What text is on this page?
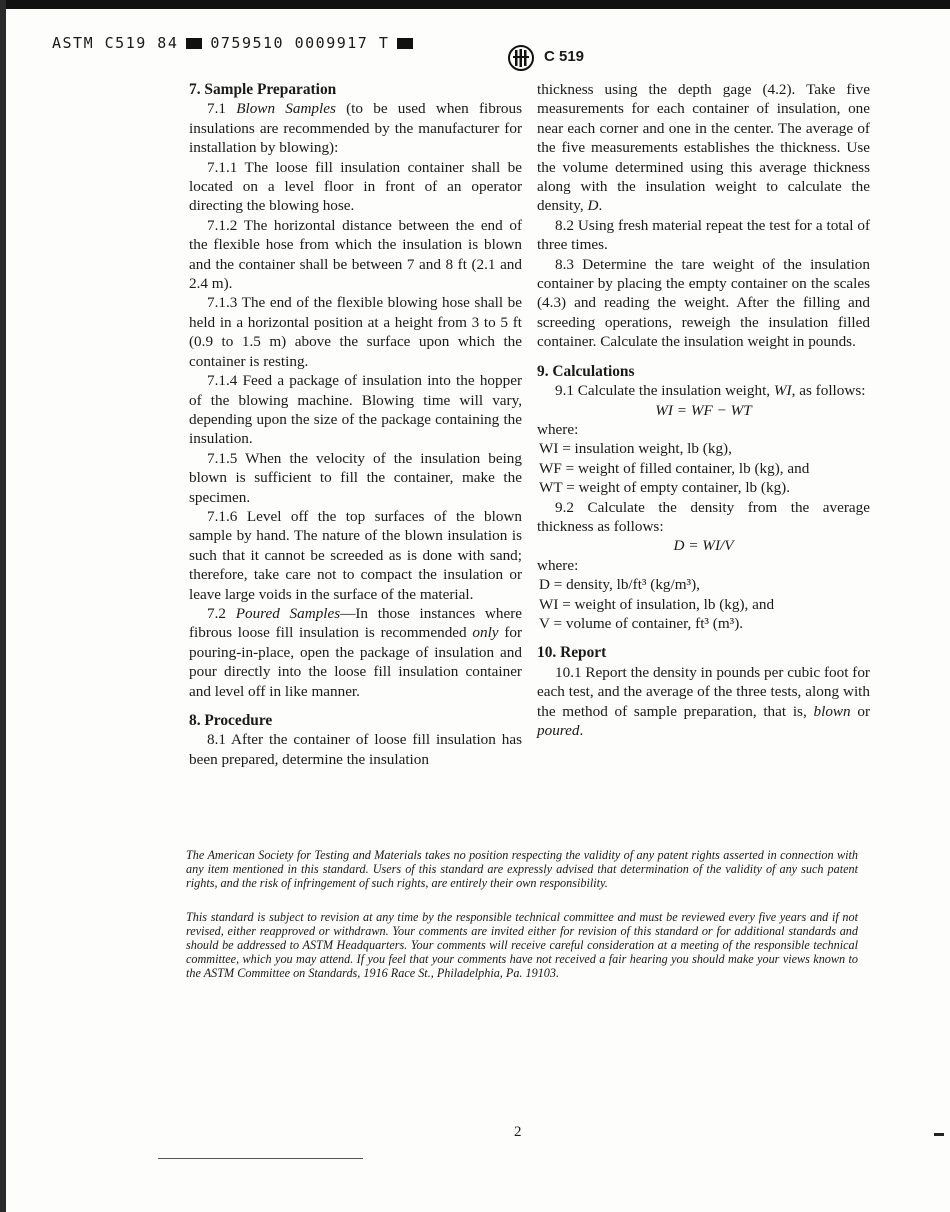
ASTM C519 84 0759510 0009917 T
C 519

7. Sample Preparation

7.1 Blown Samples (to be used when fibrous insulations are recommended by the manufacturer for installation by blowing):

7.1.1 The loose fill insulation container shall be located on a level floor in front of an operator directing the blowing hose.

7.1.2 The horizontal distance between the end of the flexible hose from which the insulation is blown and the container shall be between 7 and 8 ft (2.1 and 2.4 m).

7.1.3 The end of the flexible blowing hose shall be held in a horizontal position at a height from 3 to 5 ft (0.9 to 1.5 m) above the surface upon which the container is resting.

7.1.4 Feed a package of insulation into the hopper of the blowing machine. Blowing time will vary, depending upon the size of the package containing the insulation.

7.1.5 When the velocity of the insulation being blown is sufficient to fill the container, make the specimen.

7.1.6 Level off the top surfaces of the blown sample by hand. The nature of the blown insulation is such that it cannot be screeded as is done with sand; therefore, take care not to compact the insulation or leave large voids in the surface of the material.

7.2 Poured Samples—In those instances where fibrous loose fill insulation is recommended only for pouring-in-place, open the package of insulation and pour directly into the loose fill insulation container and level off in like manner.

8. Procedure

8.1 After the container of loose fill insulation has been prepared, determine the insulation

thickness using the depth gage (4.2). Take five measurements for each container of insulation, one near each corner and one in the center. The average of the five measurements establishes the thickness. Use the volume determined using this average thickness along with the insulation weight to calculate the density, D.

8.2 Using fresh material repeat the test for a total of three times.

8.3 Determine the tare weight of the insulation container by placing the empty container on the scales (4.3) and reading the weight. After the filling and screeding operations, reweigh the insulation filled container. Calculate the insulation weight in pounds.

9. Calculations

9.1 Calculate the insulation weight, WI, as follows:

WI = WF − WT

where:

WI = insulation weight, lb (kg),

WF = weight of filled container, lb (kg), and

WT = weight of empty container, lb (kg).

9.2 Calculate the density from the average thickness as follows:

D = WI/V

where:

D = density, lb/ft³ (kg/m³),

WI = weight of insulation, lb (kg), and

V = volume of container, ft³ (m³).

10. Report

10.1 Report the density in pounds per cubic foot for each test, and the average of the three tests, along with the method of sample preparation, that is, blown or poured.

The American Society for Testing and Materials takes no position respecting the validity of any patent rights asserted in connection with any item mentioned in this standard. Users of this standard are expressly advised that determination of the validity of any such patent rights, and the risk of infringement of such rights, are entirely their own responsibility.
This standard is subject to revision at any time by the responsible technical committee and must be reviewed every five years and if not revised, either reapproved or withdrawn. Your comments are invited either for revision of this standard or for additional standards and should be addressed to ASTM Headquarters. Your comments will receive careful consideration at a meeting of the responsible technical committee, which you may attend. If you feel that your comments have not received a fair hearing you should make your views known to the ASTM Committee on Standards, 1916 Race St., Philadelphia, Pa. 19103.
2
